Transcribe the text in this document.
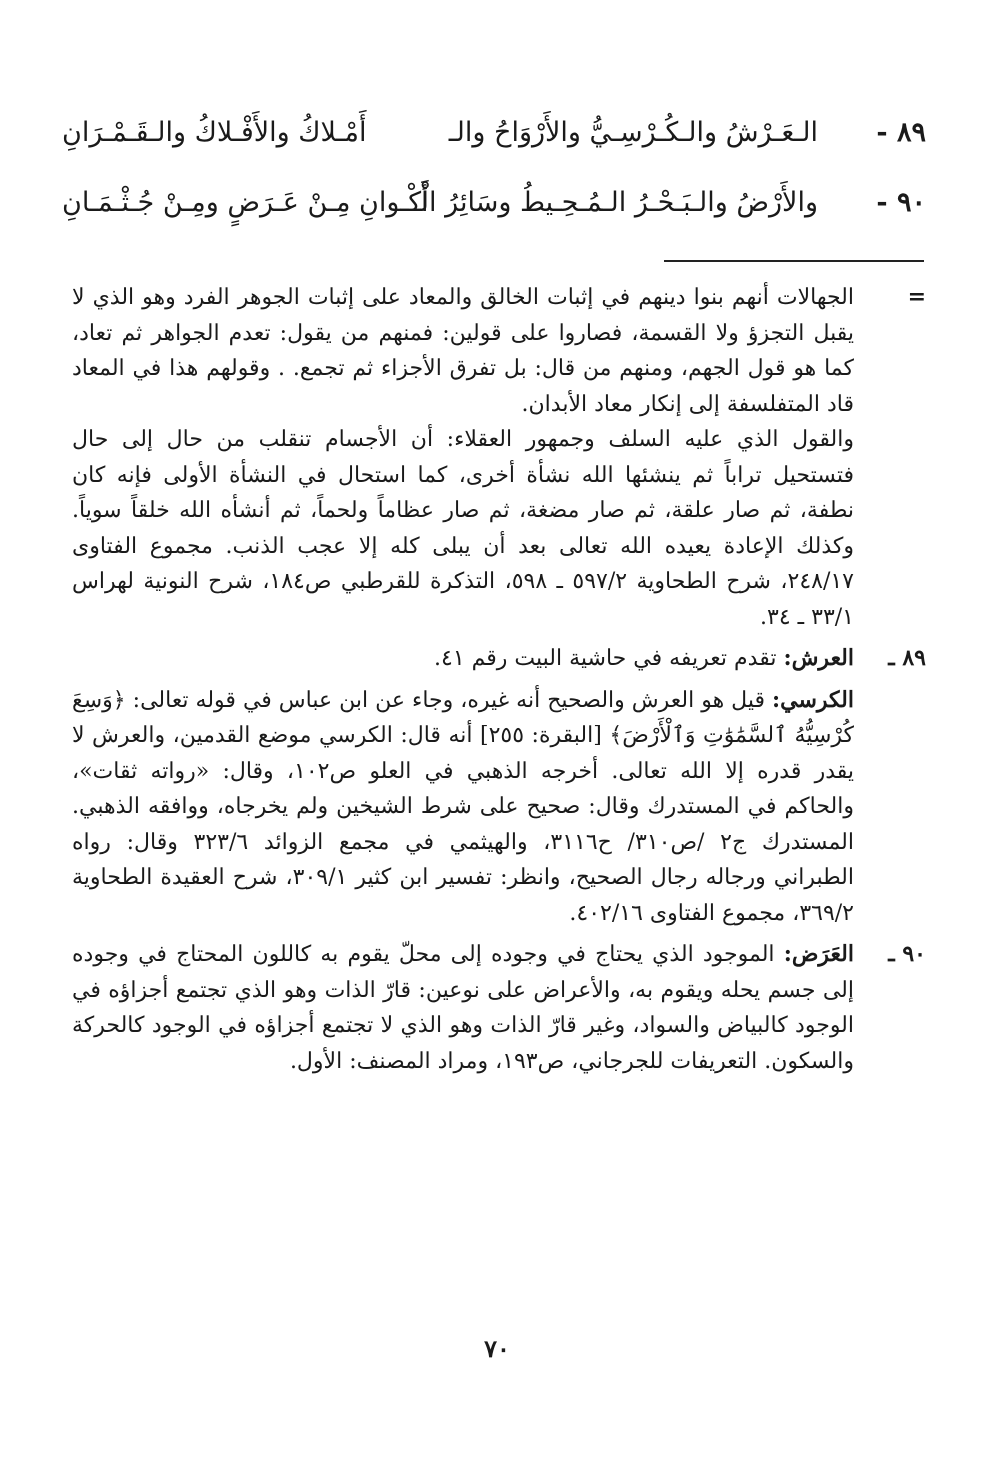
٨٩ -
الـعَـرْشُ والـكُـرْسِـيُّ والأَرْوَاحُ والـ
أَمْـلاكُ والأَفْـلاكُ والـقَـمْـرَانِ
٩٠ -
والأَرْضُ والـبَـحْـرُ الـمُـحِـيطُ وسَائِرُ الْـ
أَكْـوانِ مِـنْ عَـرَضٍ ومِـنْ جُـثْـمَـانِ
=
الجهالات أنهم بنوا دينهم في إثبات الخالق والمعاد على إثبات الجوهر الفرد وهو الذي لا يقبل التجزؤ ولا القسمة، فصاروا على قولين: فمنهم من يقول: تعدم الجواهر ثم تعاد، كما هو قول الجهم، ومنهم من قال: بل تفرق الأجزاء ثم تجمع. . وقولهم هذا في المعاد قاد المتفلسفة إلى إنكار معاد الأبدان.
والقول الذي عليه السلف وجمهور العقلاء: أن الأجسام تنقلب من حال إلى حال فتستحيل تراباً ثم ينشئها الله نشأة أخرى، كما استحال في النشأة الأولى فإنه كان نطفة، ثم صار علقة، ثم صار مضغة، ثم صار عظاماً ولحماً، ثم أنشأه الله خلقاً سوياً. وكذلك الإعادة يعيده الله تعالى بعد أن يبلى كله إلا عجب الذنب. مجموع الفتاوى ٢٤٨/١٧، شرح الطحاوية ٥٩٧/٢ ـ ٥٩٨، التذكرة للقرطبي ص١٨٤، شرح النونية لهراس ٣٣/١ ـ ٣٤.
٨٩ ـ
العرش: تقدم تعريفه في حاشية البيت رقم ٤١.
الكرسي: قيل هو العرش والصحيح أنه غيره، وجاء عن ابن عباس في قوله تعالى: ﴿وَسِعَ كُرْسِيُّهُ ٱلسَّمَٰوَٰتِ وَٱلْأَرْضَ﴾ [البقرة: ٢٥٥] أنه قال: الكرسي موضع القدمين، والعرش لا يقدر قدره إلا الله تعالى. أخرجه الذهبي في العلو ص١٠٢، وقال: «رواته ثقات»، والحاكم في المستدرك وقال: صحيح على شرط الشيخين ولم يخرجاه، ووافقه الذهبي. المستدرك ج٢ /ص٣١٠/ ح٣١١٦، والهيثمي في مجمع الزوائد ٣٢٣/٦ وقال: رواه الطبراني ورجاله رجال الصحيح، وانظر: تفسير ابن كثير ٣٠٩/١، شرح العقيدة الطحاوية ٣٦٩/٢، مجموع الفتاوى ٤٠٢/١٦.
٩٠ ـ
العَرَض: الموجود الذي يحتاج في وجوده إلى محلّ يقوم به كاللون المحتاج في وجوده إلى جسم يحله ويقوم به، والأعراض على نوعين: قارّ الذات وهو الذي تجتمع أجزاؤه في الوجود كالبياض والسواد، وغير قارّ الذات وهو الذي لا تجتمع أجزاؤه في الوجود كالحركة والسكون. التعريفات للجرجاني، ص١٩٣، ومراد المصنف: الأول.
٧٠
